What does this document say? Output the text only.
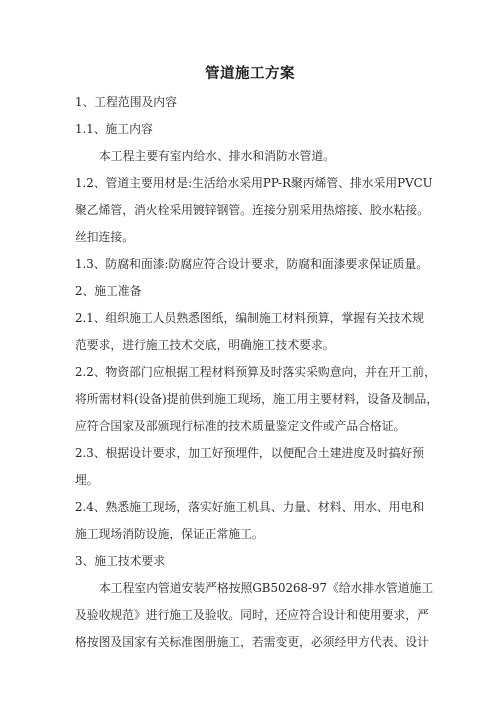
管道施工方案
1、工程范围及内容
1.1、施工内容
本工程主要有室内给水、排水和消防水管道。
1.2、管道主要用材是:生活给水采用PP-R聚丙烯管、排水采用PVCU
聚乙烯管，消火栓采用镀锌钢管。连接分别采用热熔接、胶水粘接。
丝扣连接。
1.3、防腐和面漆:防腐应符合设计要求，防腐和面漆要求保证质量。
2、施工准备
2.1、组织施工人员熟悉图纸，编制施工材料预算，掌握有关技术规
范要求，进行施工技术交底，明确施工技术要求。
2.2、物资部门应根据工程材料预算及时落实采购意向，并在开工前，
将所需材料(设备)提前供到施工现场，施工用主要材料，设备及制品，
应符合国家及部颁现行标准的技术质量鉴定文件或产品合格证。
2.3、根据设计要求，加工好预埋件，以便配合土建进度及时搞好预
埋。
2.4、熟悉施工现场，落实好施工机具、力量、材料、用水、用电和
施工现场消防设施，保证正常施工。
3、施工技术要求
本工程室内管道安装严格按照GB50268-97《给水排水管道施工
及验收规范》进行施工及验收。同时，还应符合设计和使用要求，严
格按图及国家有关标准图册施工，若需变更，必须经甲方代表、设计
